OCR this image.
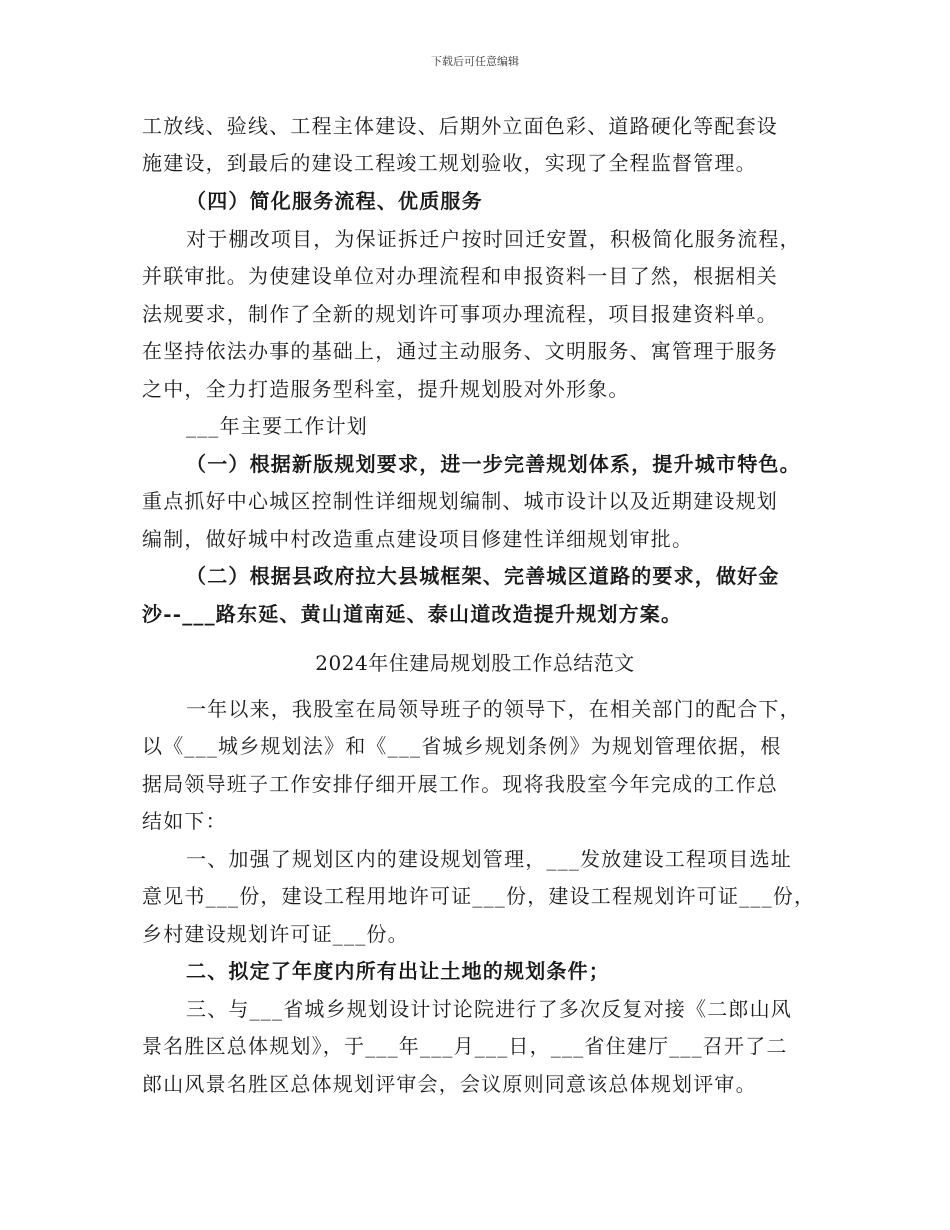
下载后可任意编辑
工放线、验线、工程主体建设、后期外立面色彩、道路硬化等配套设
施建设，到最后的建设工程竣工规划验收，实现了全程监督管理。
（四）简化服务流程、优质服务
对于棚改项目，为保证拆迁户按时回迁安置，积极简化服务流程，
并联审批。为使建设单位对办理流程和申报资料一目了然，根据相关
法规要求，制作了全新的规划许可事项办理流程，项目报建资料单。
在坚持依法办事的基础上，通过主动服务、文明服务、寓管理于服务
之中，全力打造服务型科室，提升规划股对外形象。
___年主要工作计划
（一）根据新版规划要求，进一步完善规划体系，提升城市特色。
重点抓好中心城区控制性详细规划编制、城市设计以及近期建设规划
编制，做好城中村改造重点建设项目修建性详细规划审批。
（二）根据县政府拉大县城框架、完善城区道路的要求，做好金
沙--___路东延、黄山道南延、泰山道改造提升规划方案。
2024年住建局规划股工作总结范文
一年以来，我股室在局领导班子的领导下，在相关部门的配合下，
以《___城乡规划法》和《___省城乡规划条例》为规划管理依据，根
据局领导班子工作安排仔细开展工作。现将我股室今年完成的工作总
结如下：
一、加强了规划区内的建设规划管理，___发放建设工程项目选址
意见书___份，建设工程用地许可证___份，建设工程规划许可证___份，
乡村建设规划许可证___份。
二、拟定了年度内所有出让土地的规划条件；
三、与___省城乡规划设计讨论院进行了多次反复对接《二郎山风
景名胜区总体规划》，于___年___月___日，___省住建厅___召开了二
郎山风景名胜区总体规划评审会，会议原则同意该总体规划评审。
